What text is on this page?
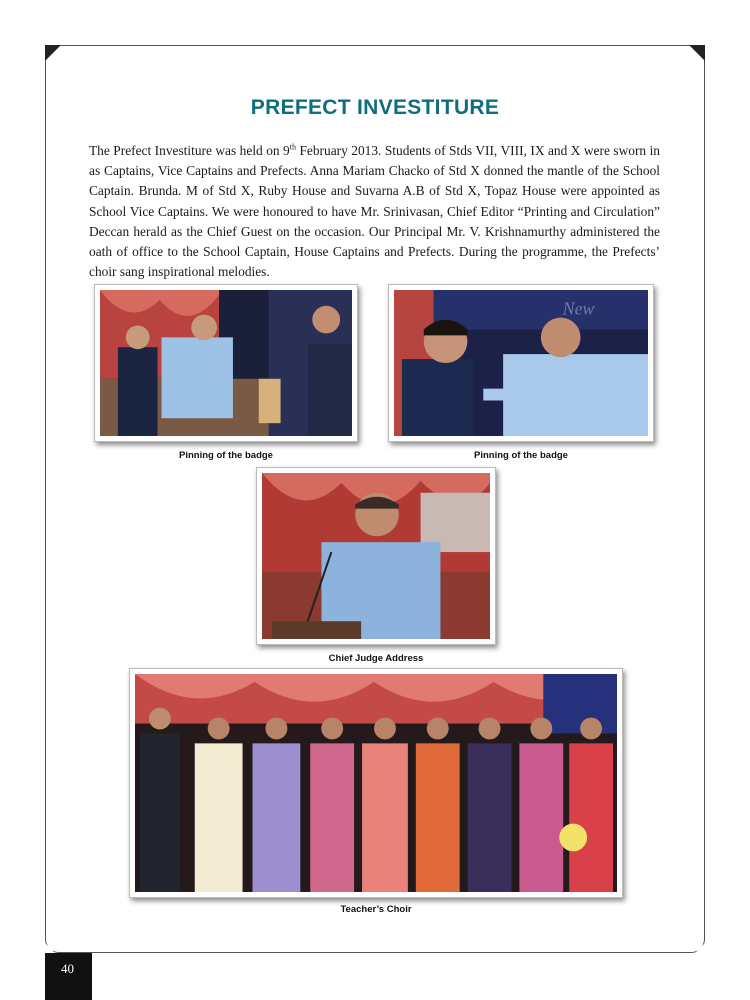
PREFECT INVESTITURE

The Prefect Investiture was held on 9th February 2013. Students of Stds VII, VIII, IX and X were sworn in as Captains, Vice Captains and Prefects. Anna Mariam Chacko of Std X donned the mantle of the School Captain. Brunda. M of Std X, Ruby House and Suvarna A.B of Std X, Topaz House were appointed as School Vice Captains. We were honoured to have Mr. Srinivasan, Chief Editor “Printing and Circulation” Deccan herald as the Chief Guest on the occasion. Our Principal Mr. V. Krishnamurthy administered the oath of office to the School Captain, House Captains and Prefects. During the programme, the Prefects’ choir sang inspirational melodies.

Pinning of the badge
New
Pinning of the badge
Chief Judge Address
Teacher’s Choir
40
